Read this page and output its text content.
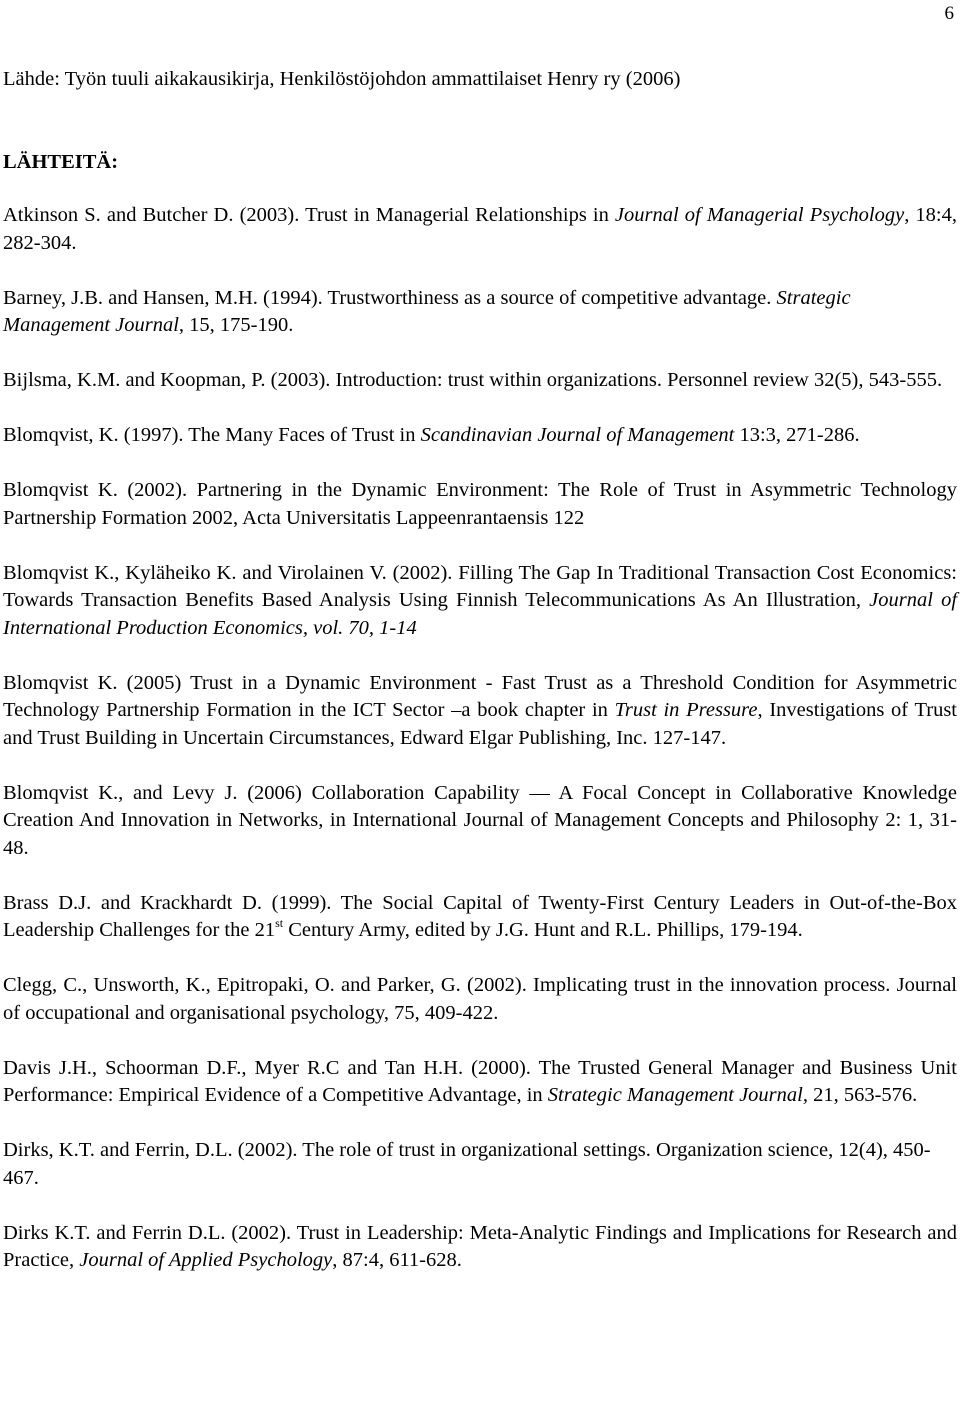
6

Lähde: Työn tuuli aikakausikirja, Henkilöstöjohdon ammattilaiset Henry ry (2006)

LÄHTEITÄ:

Atkinson S. and Butcher D. (2003). Trust in Managerial Relationships in Journal of Managerial Psychology, 18:4, 282-304.

Barney, J.B. and Hansen, M.H. (1994). Trustworthiness as a source of competitive advantage. Strategic Management Journal, 15, 175-190.

Bijlsma, K.M. and Koopman, P. (2003). Introduction: trust within organizations. Personnel review 32(5), 543-555.

Blomqvist, K. (1997). The Many Faces of Trust in Scandinavian Journal of Management 13:3, 271-286.

Blomqvist K. (2002). Partnering in the Dynamic Environment: The Role of Trust in Asymmetric Technology Partnership Formation 2002, Acta Universitatis Lappeenrantaensis 122

Blomqvist K., Kyläheiko K. and Virolainen V. (2002). Filling The Gap In Traditional Transaction Cost Economics: Towards Transaction Benefits Based Analysis Using Finnish Telecommunications As An Illustration, Journal of International Production Economics, vol. 70, 1-14

Blomqvist K. (2005) Trust in a Dynamic Environment - Fast Trust as a Threshold Condition for Asymmetric Technology Partnership Formation in the ICT Sector –a book chapter in Trust in Pressure, Investigations of Trust and Trust Building in Uncertain Circumstances, Edward Elgar Publishing, Inc. 127-147.

Blomqvist K., and Levy J. (2006) Collaboration Capability — A Focal Concept in Collaborative Knowledge Creation And Innovation in Networks, in International Journal of Management Concepts and Philosophy 2: 1, 31-48.

Brass D.J. and Krackhardt D. (1999). The Social Capital of Twenty-First Century Leaders in Out-of-the-Box Leadership Challenges for the 21st Century Army, edited by J.G. Hunt and R.L. Phillips, 179-194.

Clegg, C., Unsworth, K., Epitropaki, O. and Parker, G. (2002). Implicating trust in the innovation process. Journal of occupational and organisational psychology, 75, 409-422.

Davis J.H., Schoorman D.F., Myer R.C and Tan H.H. (2000). The Trusted General Manager and Business Unit Performance: Empirical Evidence of a Competitive Advantage, in Strategic Management Journal, 21, 563-576.

Dirks, K.T. and Ferrin, D.L. (2002). The role of trust in organizational settings. Organization science, 12(4), 450-467.

Dirks K.T. and Ferrin D.L. (2002). Trust in Leadership: Meta-Analytic Findings and Implications for Research and Practice, Journal of Applied Psychology, 87:4, 611-628.
